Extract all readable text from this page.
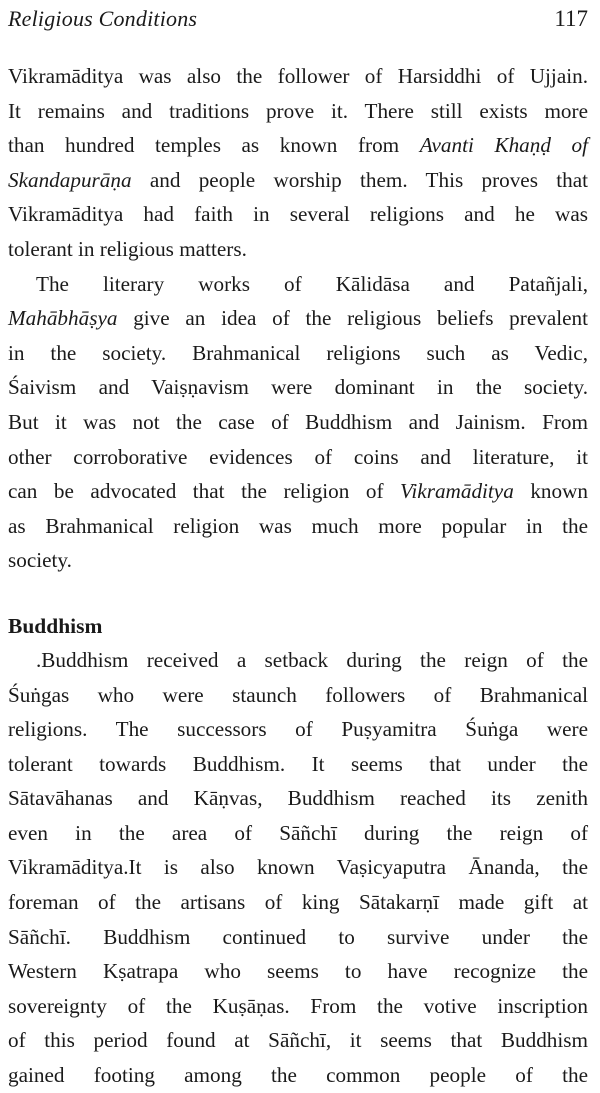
Religious Conditions	117

Vikramāditya was also the follower of Harsiddhi of Ujjain.
It remains and traditions prove it. There still exists more
than hundred temples as known from Avanti Khaṇḍ of
Skandapurāṇa and people worship them. This proves that
Vikramāditya had faith in several religions and he was
tolerant in religious matters.

The literary works of Kālidāsa and Patañjali,
Mahābhāṣya give an idea of the religious beliefs prevalent
in the society. Brahmanical religions such as Vedic,
Śaivism and Vaiṣṇavism were dominant in the society.
But it was not the case of Buddhism and Jainism. From
other corroborative evidences of coins and literature, it
can be advocated that the religion of Vikramāditya known
as Brahmanical religion was much more popular in the
society.

Buddhism

.Buddhism received a setback during the reign of the
Śuṅgas who were staunch followers of Brahmanical
religions. The successors of Puṣyamitra Śuṅga were
tolerant towards Buddhism. It seems that under the
Sātavāhanas and Kāṇvas, Buddhism reached its zenith
even in the area of Sāñchī during the reign of
Vikramāditya.It is also known Vaṣicyaputra Ānanda, the
foreman of the artisans of king Sātakarṇī made gift at
Sāñchī. Buddhism continued to survive under the
Western Kṣatrapa who seems to have recognize the
sovereignty of the Kuṣāṇas. From the votive inscription
of this period found at Sāñchī, it seems that Buddhism
gained footing among the common people of the
